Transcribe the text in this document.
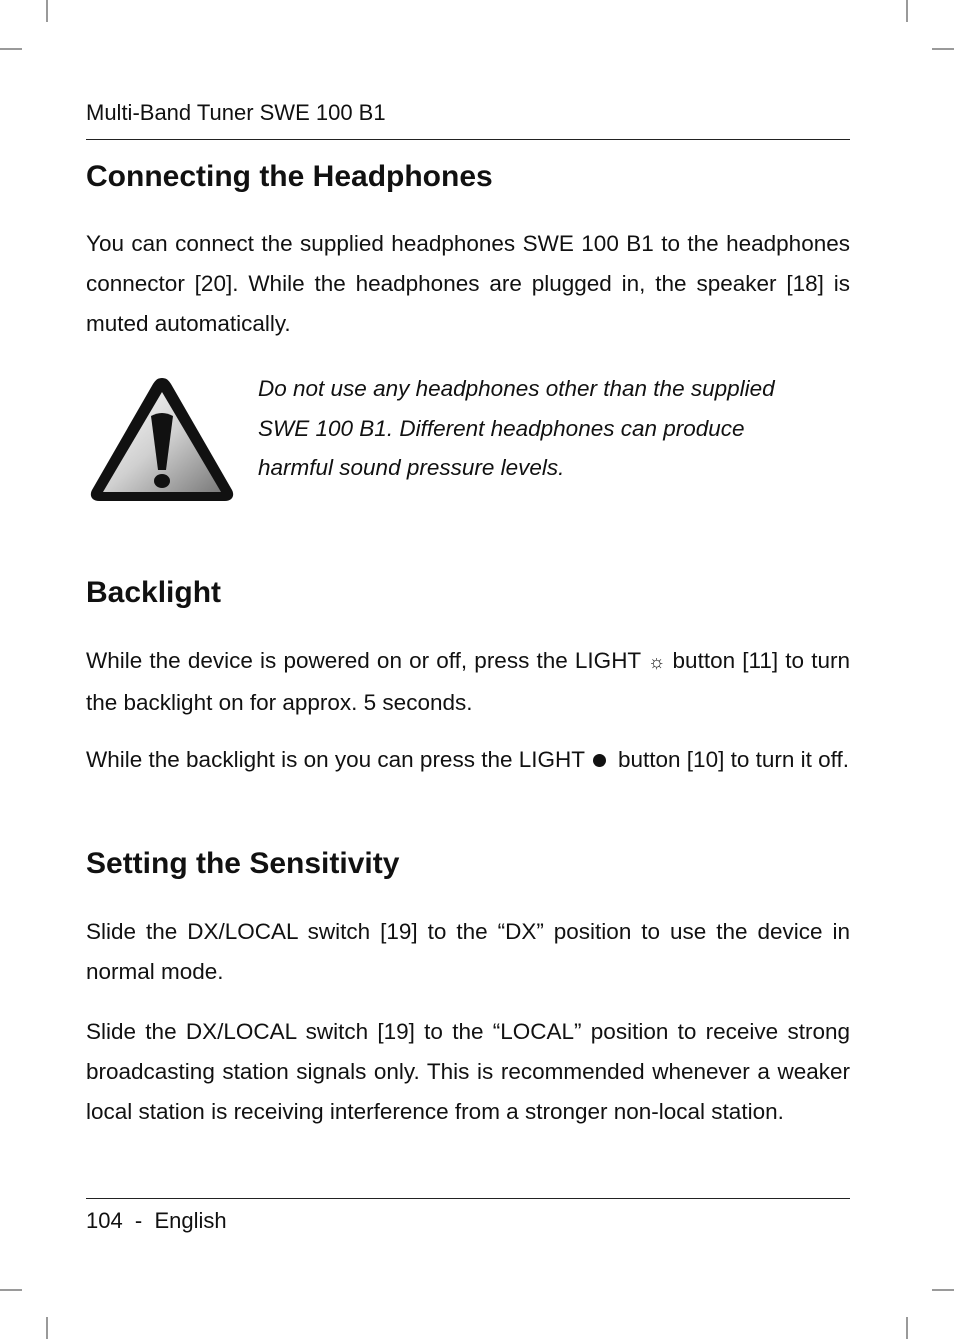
Multi-Band Tuner SWE 100 B1
Connecting the Headphones

You can connect the supplied headphones SWE 100 B1 to the headphones connector [20]. While the headphones are plugged in, the speaker [18] is muted automatically.

Do not use any headphones other than the supplied SWE 100 B1. Different headphones can produce harmful sound pressure levels.

Backlight

While the device is powered on or off, press the LIGHT ☼ button [11] to turn the backlight on for approx. 5 seconds.

While the backlight is on you can press the LIGHT button [10] to turn it off.

Setting the Sensitivity

Slide the DX/LOCAL switch [19] to the “DX” position to use the device in normal mode.

Slide the DX/LOCAL switch [19] to the “LOCAL” position to receive strong broadcasting station signals only. This is recommended whenever a weaker local station is receiving interference from a stronger non-local station.

104  -  English
